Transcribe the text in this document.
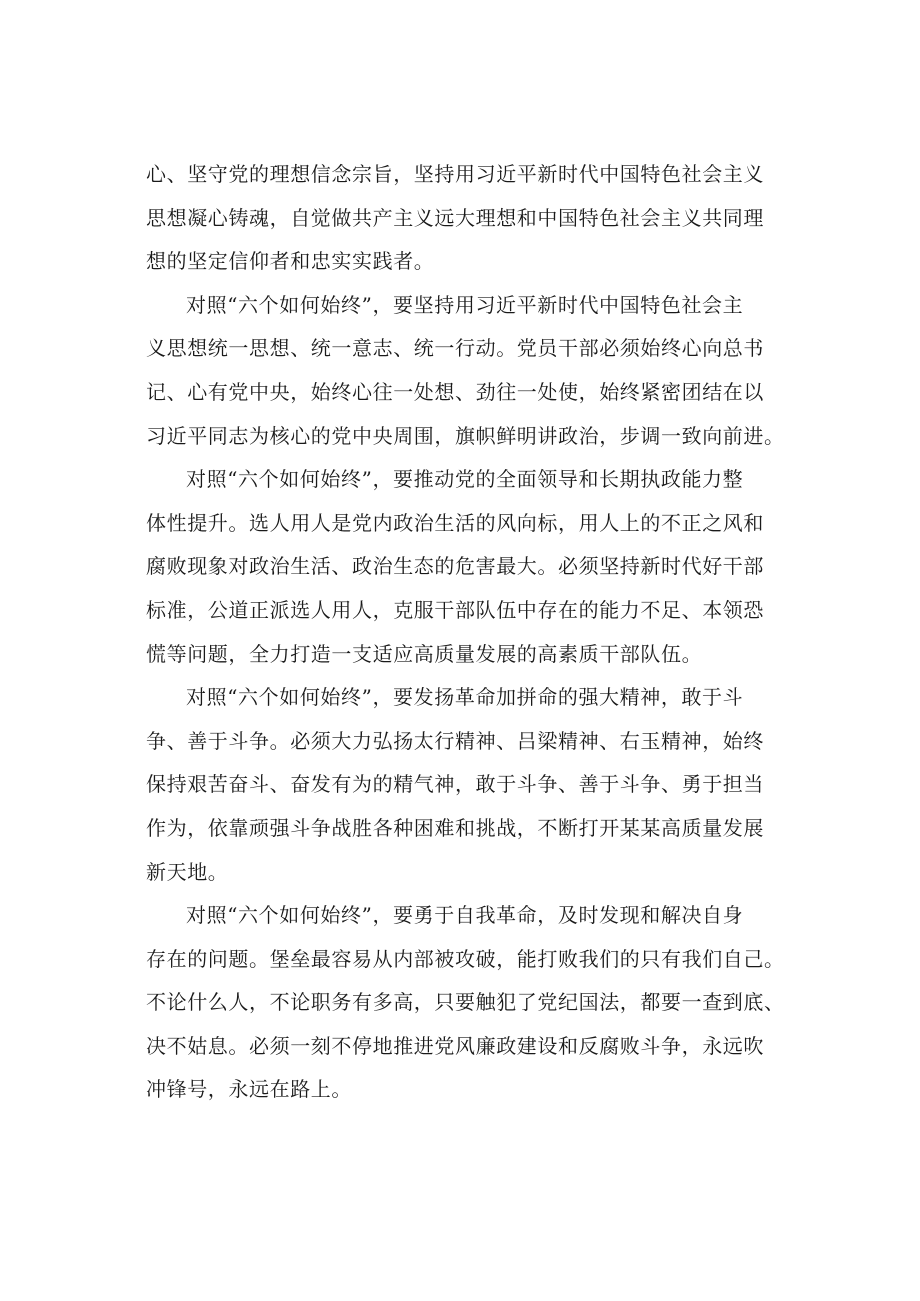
心、坚守党的理想信念宗旨，坚持用习近平新时代中国特色社会主义
思想凝心铸魂，自觉做共产主义远大理想和中国特色社会主义共同理
想的坚定信仰者和忠实实践者。
对照“六个如何始终”，要坚持用习近平新时代中国特色社会主
义思想统一思想、统一意志、统一行动。党员干部必须始终心向总书
记、心有党中央，始终心往一处想、劲往一处使，始终紧密团结在以
习近平同志为核心的党中央周围，旗帜鲜明讲政治，步调一致向前进。
对照“六个如何始终”，要推动党的全面领导和长期执政能力整
体性提升。选人用人是党内政治生活的风向标，用人上的不正之风和
腐败现象对政治生活、政治生态的危害最大。必须坚持新时代好干部
标准，公道正派选人用人，克服干部队伍中存在的能力不足、本领恐
慌等问题，全力打造一支适应高质量发展的高素质干部队伍。
对照“六个如何始终”，要发扬革命加拼命的强大精神，敢于斗
争、善于斗争。必须大力弘扬太行精神、吕梁精神、右玉精神，始终
保持艰苦奋斗、奋发有为的精气神，敢于斗争、善于斗争、勇于担当
作为，依靠顽强斗争战胜各种困难和挑战，不断打开某某高质量发展
新天地。
对照“六个如何始终”，要勇于自我革命，及时发现和解决自身
存在的问题。堡垒最容易从内部被攻破，能打败我们的只有我们自己。
不论什么人，不论职务有多高，只要触犯了党纪国法，都要一查到底、
决不姑息。必须一刻不停地推进党风廉政建设和反腐败斗争，永远吹
冲锋号，永远在路上。
